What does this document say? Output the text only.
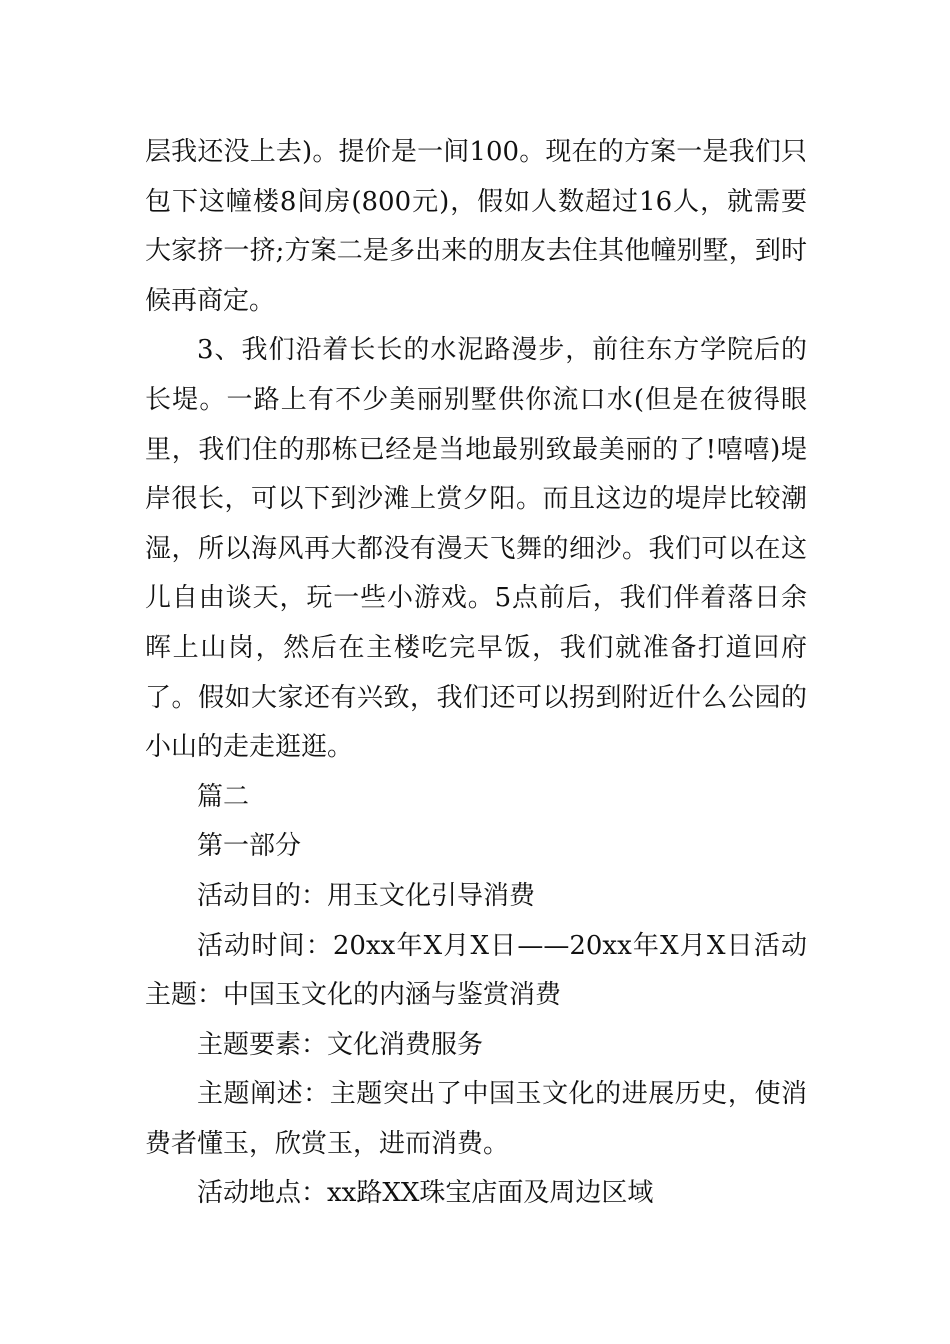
层我还没上去)。提价是一间100。现在的方案一是我们只包下这幢楼8间房(800元)，假如人数超过16人，就需要大家挤一挤;方案二是多出来的朋友去住其他幢别墅，到时候再商定。

3、我们沿着长长的水泥路漫步，前往东方学院后的长堤。一路上有不少美丽别墅供你流口水(但是在彼得眼里，我们住的那栋已经是当地最别致最美丽的了!嘻嘻)堤岸很长，可以下到沙滩上赏夕阳。而且这边的堤岸比较潮湿，所以海风再大都没有漫天飞舞的细沙。我们可以在这儿自由谈天，玩一些小游戏。5点前后，我们伴着落日余晖上山岗，然后在主楼吃完早饭，我们就准备打道回府了。假如大家还有兴致，我们还可以拐到附近什么公园的小山的走走逛逛。

篇二

第一部分

活动目的：用玉文化引导消费

活动时间：20xx年X月X日——20xx年X月X日活动主题：中国玉文化的内涵与鉴赏消费

主题要素：文化消费服务

主题阐述：主题突出了中国玉文化的进展历史，使消费者懂玉，欣赏玉，进而消费。

活动地点：xx路XX珠宝店面及周边区域
